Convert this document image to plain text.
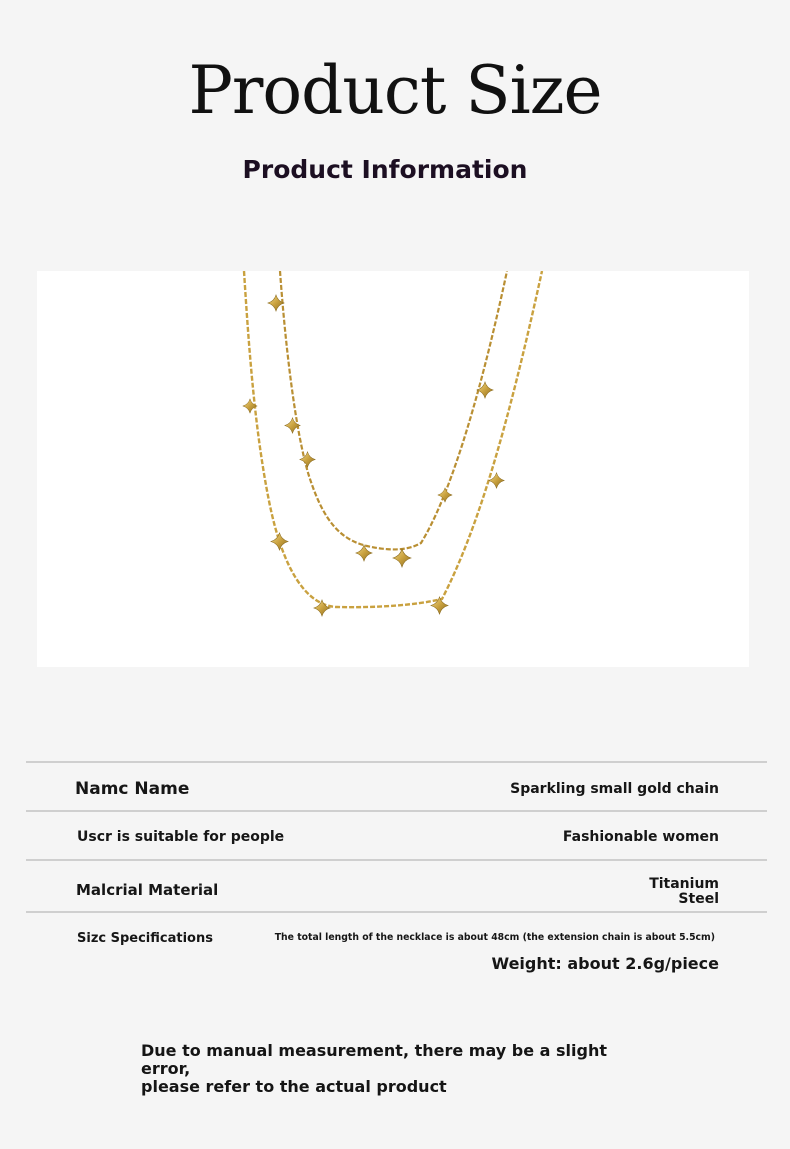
Product Size
Product Information
Namc Name	Sparkling small gold chain
Uscr is suitable for people	Fashionable women
Malcrial Material	Titanium
Steel
Sizc Specifications	The total length of the necklace is about 48cm (the extension chain is about 5.5cm)
Weight: about 2.6g/piece
Due to manual measurement, there may be a slight error,
please refer to the actual product
